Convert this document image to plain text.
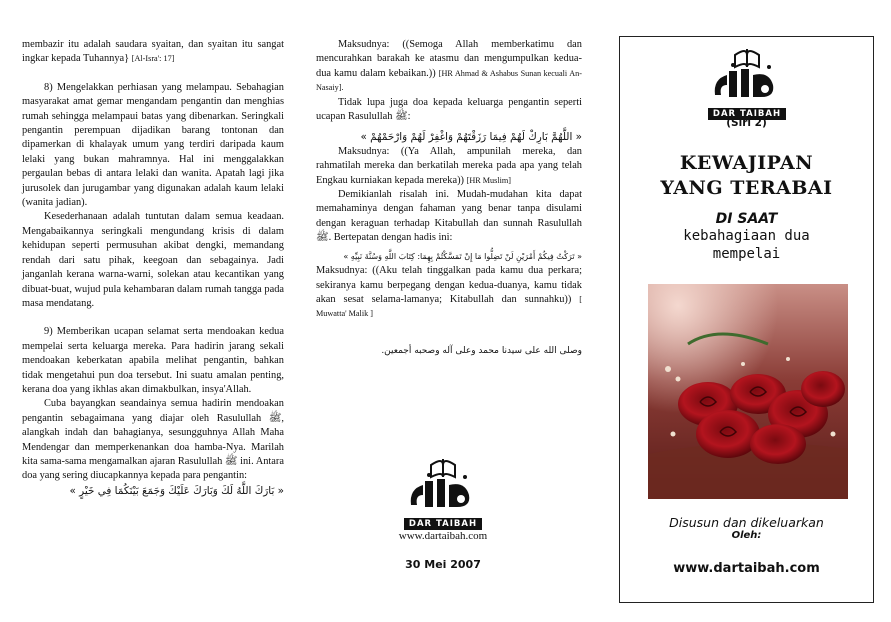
membazir itu adalah saudara syaitan, dan syaitan itu sangat ingkar kepada Tuhannya} [Al-Isra': 17]

8) Mengelakkan perhiasan yang melampau. Sebahagian masyarakat amat gemar mengandam pengantin dan menghias rumah sehingga melampaui batas yang dibenarkan. Seringkali pengantin perempuan dijadikan barang tontonan dan dipamerkan di khalayak umum yang terdiri daripada kaum lelaki yang bukan mahramnya. Hal ini menggalakkan pergaulan bebas di antara lelaki dan wanita. Apatah lagi jika jurusolek dan jurugambar yang digunakan adalah kaum lelaki (wanita jadian).

Kesederhanaan adalah tuntutan dalam semua keadaan. Mengabaikannya seringkali mengundang krisis di dalam kehidupan seperti permusuhan akibat dengki, memandang rendah dari satu pihak, keegoan dan sebagainya. Jadi janganlah kerana warna-warni, solekan atau kecantikan yang dibuat-buat, wujud pula kehambaran dalam rumah tangga pada masa mendatang.

9) Memberikan ucapan selamat serta mendoakan kedua mempelai serta keluarga mereka. Para hadirin jarang sekali mendoakan keberkatan apabila melihat pengantin, bahkan tidak mengetahui pun doa tersebut. Ini suatu amalan penting, kerana doa yang ikhlas akan dimakbulkan, insya'Allah.

Cuba bayangkan seandainya semua hadirin mendoakan pengantin sebagaimana yang diajar oleh Rasulullah ﷺ, alangkah indah dan bahagianya, sesungguhnya Allah Maha Mendengar dan memperkenankan doa hamba-Nya. Marilah kita sama-sama mengamalkan ajaran Rasulullah ﷺ ini. Antara doa yang sering diucapkannya kepada para pengantin:

« بَارَكَ اللَّهُ لَكَ وَبَارَكَ عَلَيْكَ وَجَمَعَ بَيْنَكُمَا فِي خَيْرٍ »

Maksudnya: ((Semoga Allah memberkatimu dan mencurahkan barakah ke atasmu dan mengumpulkan kedua-dua kamu dalam kebaikan.)) [HR Ahmad & Ashabus Sunan kecuali An-Nasaiy].

Tidak lupa juga doa kepada keluarga pengantin seperti ucapan Rasulullah ﷺ:

« اللَّهُمَّ بَارِكْ لَهُمْ فِيمَا رَزَقْتَهُمْ وَاغْفِرْ لَهُمْ وَارْحَمْهُمْ »

Maksudnya: ((Ya Allah, ampunilah mereka, dan rahmatilah mereka dan berkatilah mereka pada apa yang telah Engkau kurniakan kepada mereka)) [HR Muslim]

Demikianlah risalah ini. Mudah-mudahan kita dapat memahaminya dengan fahaman yang benar tanpa disulami dengan keraguan terhadap Kitabullah dan sunnah Rasulullah ﷺ. Bertepatan dengan hadis ini:

« تَرَكْتُ فِيكُمْ أَمْرَيْنِ لَنْ تَضِلُّوا مَا إِنْ تَمَسَّكْتُمْ بِهِمَا: كِتَابَ اللَّهِ وَسُنَّةَ نَبِيِّهِ »

Maksudnya: ((Aku telah tinggalkan pada kamu dua perkara; sekiranya kamu berpegang dengan kedua-duanya, kamu tidak akan sesat selama-lamanya; Kitabullah dan sunnahku)) [ Muwatta' Malik ]

وصلى الله على سيدنا محمد وعلى آله وصحبه أجمعين.

DAR TAIBAH
www.dartaibah.com
30 Mei 2007
DAR TAIBAH
(Siri 2)
KEWAJIPAN
YANG TERABAI
DI SAAT
kebahagiaan dua
mempelai
Disusun dan dikeluarkan
Oleh:
www.dartaibah.com
